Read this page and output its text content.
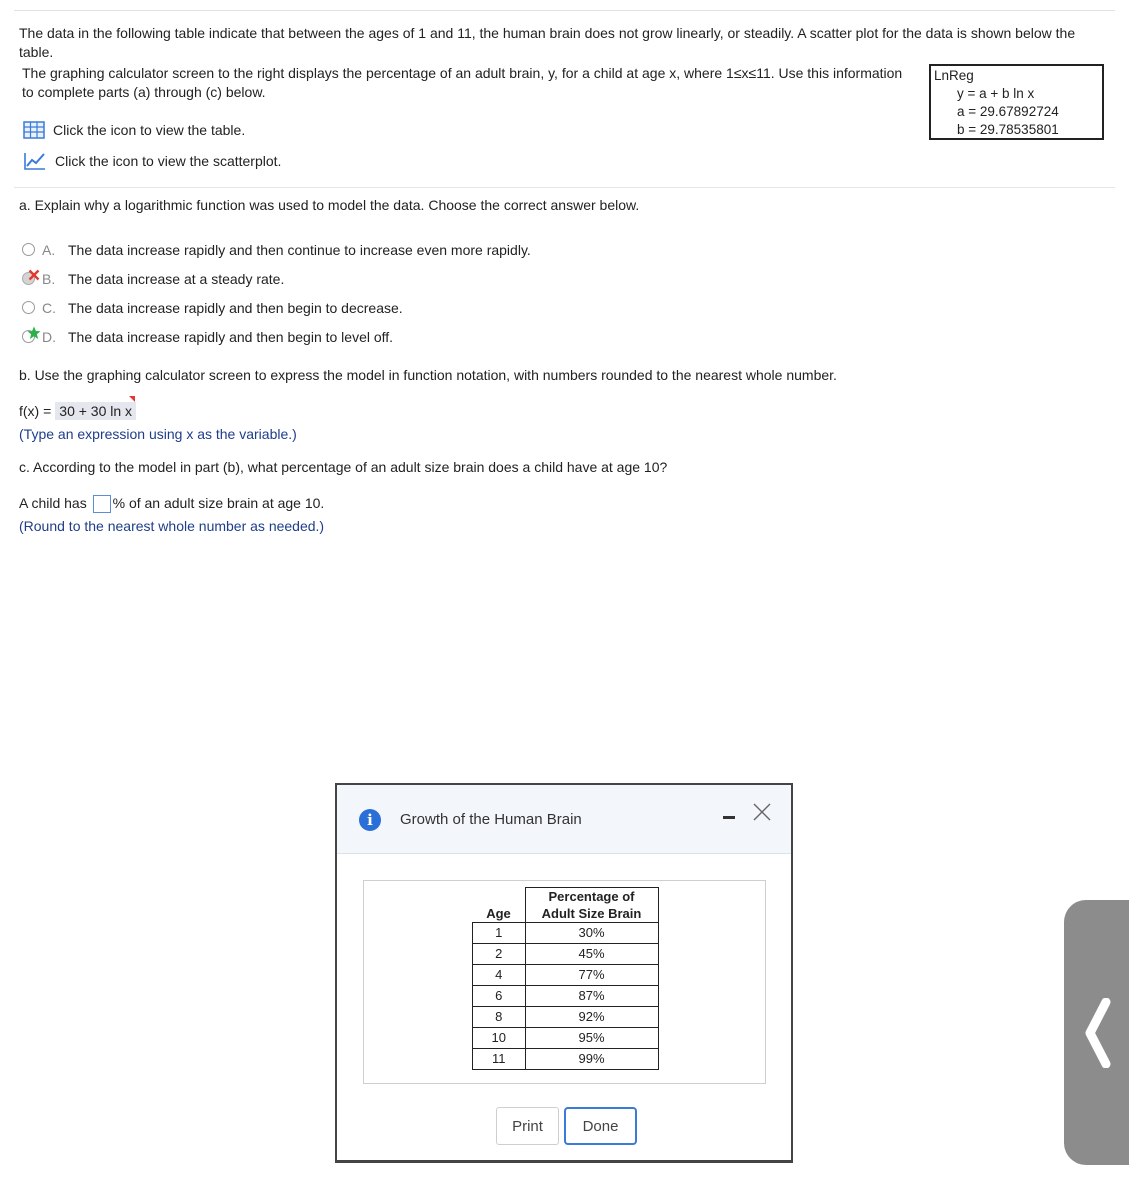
The data in the following table indicate that between the ages of 1 and 11, the human brain does not grow linearly, or steadily. A scatter plot for the data is shown below the table.
The graphing calculator screen to the right displays the percentage of an adult brain, y, for a child at age x, where 1≤x≤11. Use this information to complete parts (a) through (c) below.
LnReg
y = a + b ln x
a = 29.67892724
b = 29.78535801
Click the icon to view the table.
Click the icon to view the scatterplot.
a. Explain why a logarithmic function was used to model the data. Choose the correct answer below.
A. The data increase rapidly and then continue to increase even more rapidly.
B. The data increase at a steady rate.
C. The data increase rapidly and then begin to decrease.
D. The data increase rapidly and then begin to level off.
b. Use the graphing calculator screen to express the model in function notation, with numbers rounded to the nearest whole number.
f(x) = 30 + 30 ln x
(Type an expression using x as the variable.)
c. According to the model in part (b), what percentage of an adult size brain does a child have at age 10?
A child has % of an adult size brain at age 10.
(Round to the nearest whole number as needed.)
i	Growth of the Human Brain
Age	Percentage of
Adult Size Brain

1	30%
2	45%
4	77%
6	87%
8	92%
10	95%
11	99%
Print	Done
